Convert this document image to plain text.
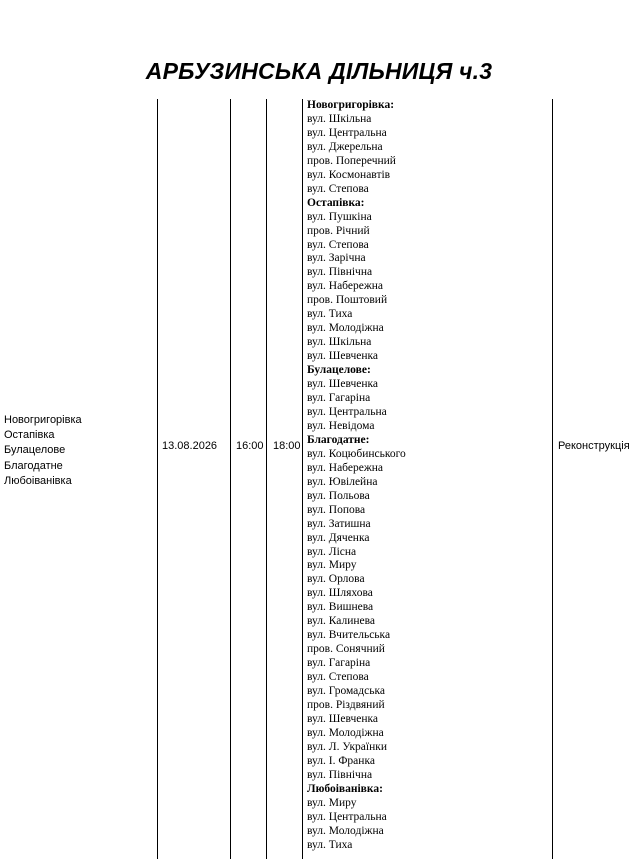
АРБУЗИНСЬКА ДІЛЬНИЦЯ ч.3
Новогригорівка
Остапівка
Булацелове
Благодатне
Любоіванівка
13.08.2026 16:00 18:00
Новогригорівка:
вул. Шкільна
вул. Центральна
вул. Джерельна
пров. Поперечний
вул. Космонавтів
вул. Степова
Остапівка:
вул. Пушкіна
пров. Річний
вул. Степова
вул. Зарічна
вул. Північна
вул. Набережна
пров. Поштовий
вул. Тиха
вул. Молодіжна
вул. Шкільна
вул. Шевченка
Булацелове:
вул. Шевченка
вул. Гагаріна
вул. Центральна
вул. Невідома
Благодатне:
вул. Коцюбинського
вул. Набережна
вул. Ювілейна
вул. Польова
вул. Попова
вул. Затишна
вул. Дяченка
вул. Лісна
вул. Миру
вул. Орлова
вул. Шляхова
вул. Вишнева
вул. Калинева
вул. Вчительська
пров. Сонячний
вул. Гагаріна
вул. Степова
вул. Громадська
пров. Різдвяний
вул. Шевченка
вул. Молодіжна
вул. Л. Українки
вул. І. Франка
вул. Північна
Любоіванівка:
вул. Миру
вул. Центральна
вул. Молодіжна
вул. Тиха
Реконструкція
